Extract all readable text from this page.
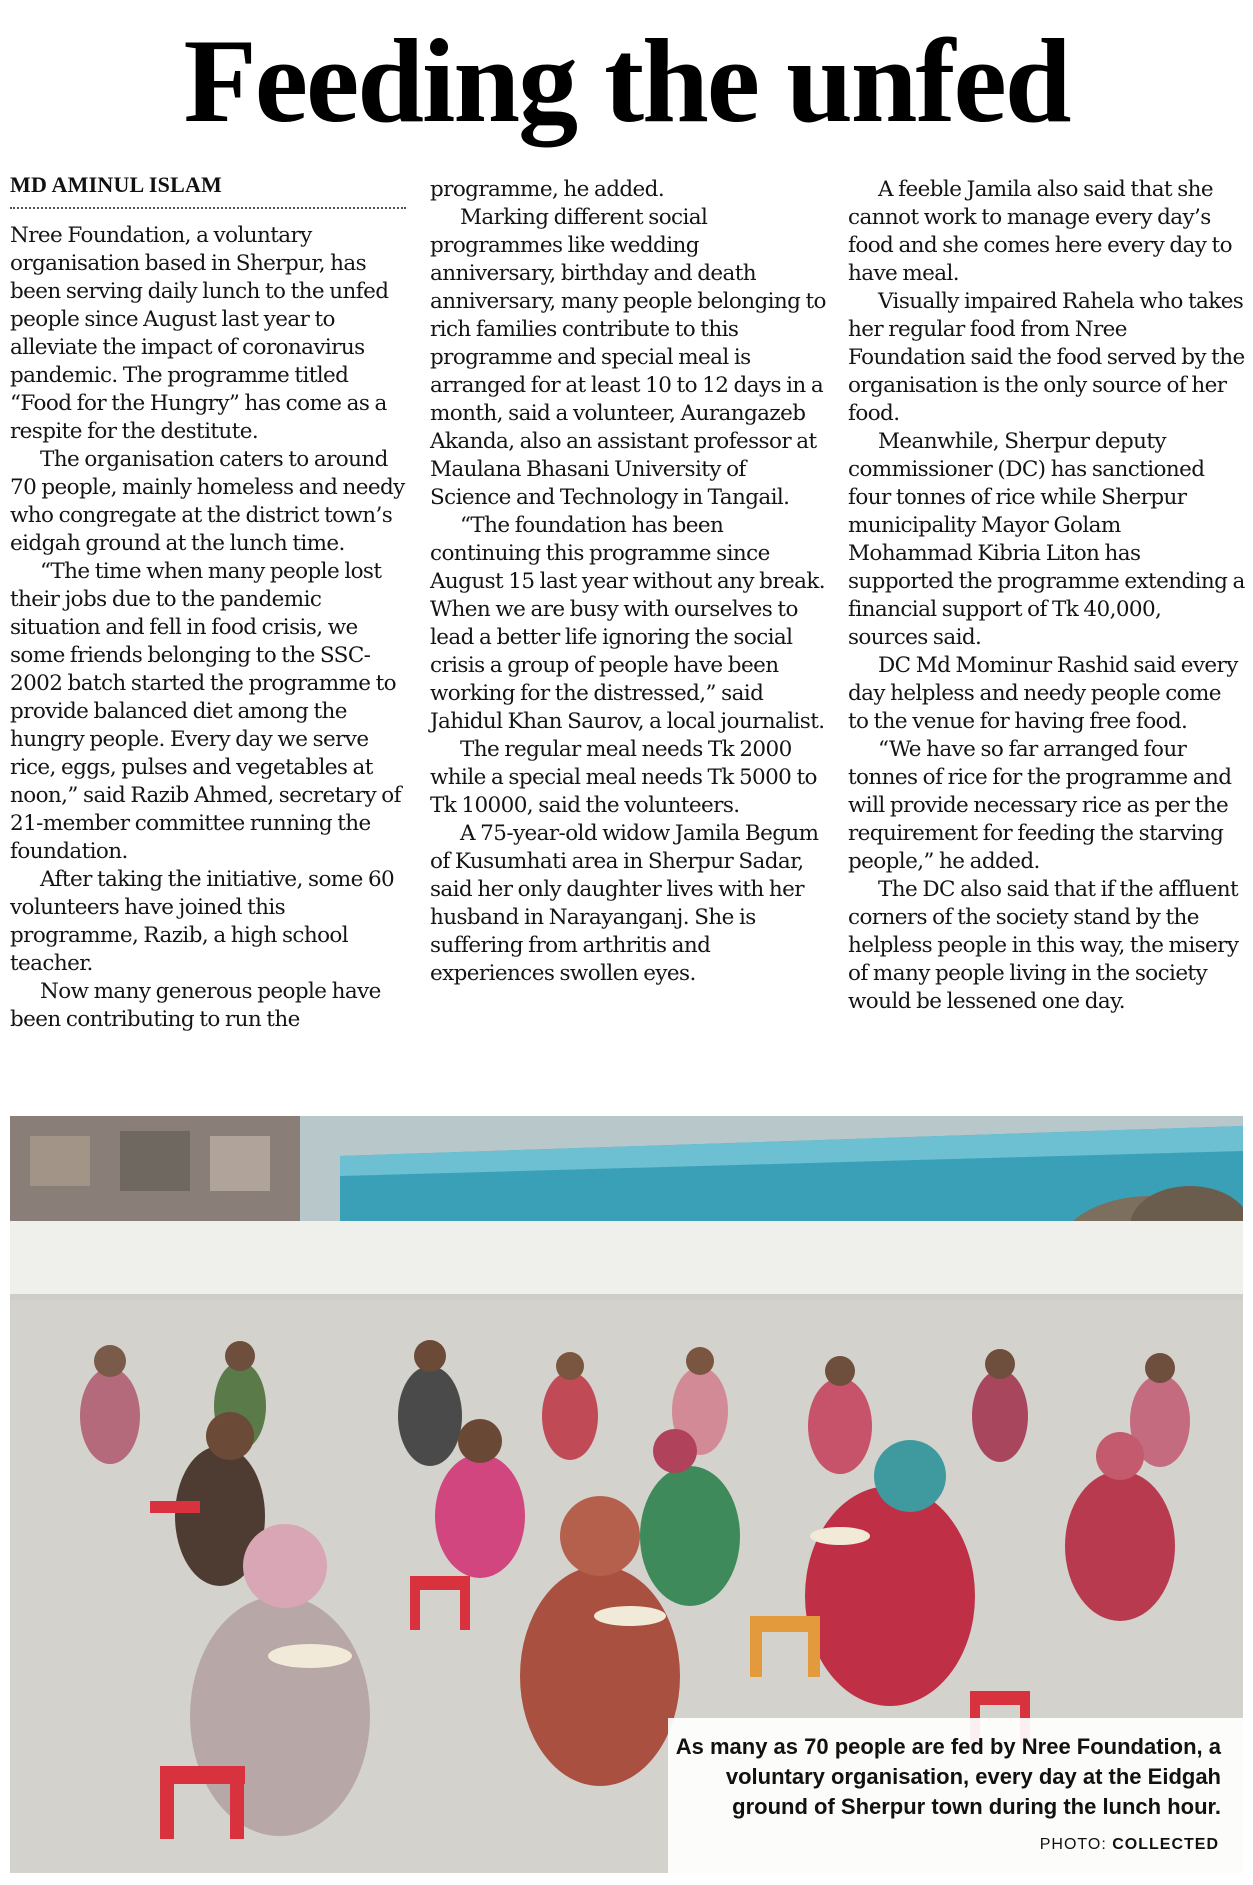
Feeding the unfed
MD AMINUL ISLAM

Nree Foundation, a voluntary organisation based in Sherpur, has been serving daily lunch to the unfed people since August last year to alleviate the impact of coronavirus pandemic. The programme titled “Food for the Hungry” has come as a respite for the destitute.

The organisation caters to around 70 people, mainly homeless and needy who congregate at the district town’s eidgah ground at the lunch time.

“The time when many people lost their jobs due to the pandemic situation and fell in food crisis, we some friends belonging to the SSC-2002 batch started the programme to provide balanced diet among the hungry people. Every day we serve rice, eggs, pulses and vegetables at noon,” said Razib Ahmed, secretary of 21-member committee running the foundation.

After taking the initiative, some 60 volunteers have joined this programme, Razib, a high school teacher.

Now many generous people have been contributing to run the

programme, he added.

Marking different social programmes like wedding anniversary, birthday and death anniversary, many people belonging to rich families contribute to this programme and special meal is arranged for at least 10 to 12 days in a month, said a volunteer, Aurangazeb Akanda, also an assistant professor at Maulana Bhasani University of Science and Technology in Tangail.

“The foundation has been continuing this programme since August 15 last year without any break. When we are busy with ourselves to lead a better life ignoring the social crisis a group of people have been working for the distressed,” said Jahidul Khan Saurov, a local journalist.

The regular meal needs Tk 2000 while a special meal needs Tk 5000 to Tk 10000, said the volunteers.

A 75-year-old widow Jamila Begum of Kusumhati area in Sherpur Sadar, said her only daughter lives with her husband in Narayanganj. She is suffering from arthritis and experiences swollen eyes.

A feeble Jamila also said that she cannot work to manage every day’s food and she comes here every day to have meal.

Visually impaired Rahela who takes her regular food from Nree Foundation said the food served by the organisation is the only source of her food.

Meanwhile, Sherpur deputy commissioner (DC) has sanctioned four tonnes of rice while Sherpur municipality Mayor Golam Mohammad Kibria Liton has supported the programme extending a financial support of Tk 40,000, sources said.

DC Md Mominur Rashid said every day helpless and needy people come to the venue for having free food.

“We have so far arranged four tonnes of rice for the programme and will provide necessary rice as per the requirement for feeding the starving people,” he added.

The DC also said that if the affluent corners of the society stand by the helpless people in this way, the misery of many people living in the society would be lessened one day.

As many as 70 people are fed by Nree Foundation, a voluntary organisation, every day at the Eidgah ground of Sherpur town during the lunch hour.
PHOTO: COLLECTED
